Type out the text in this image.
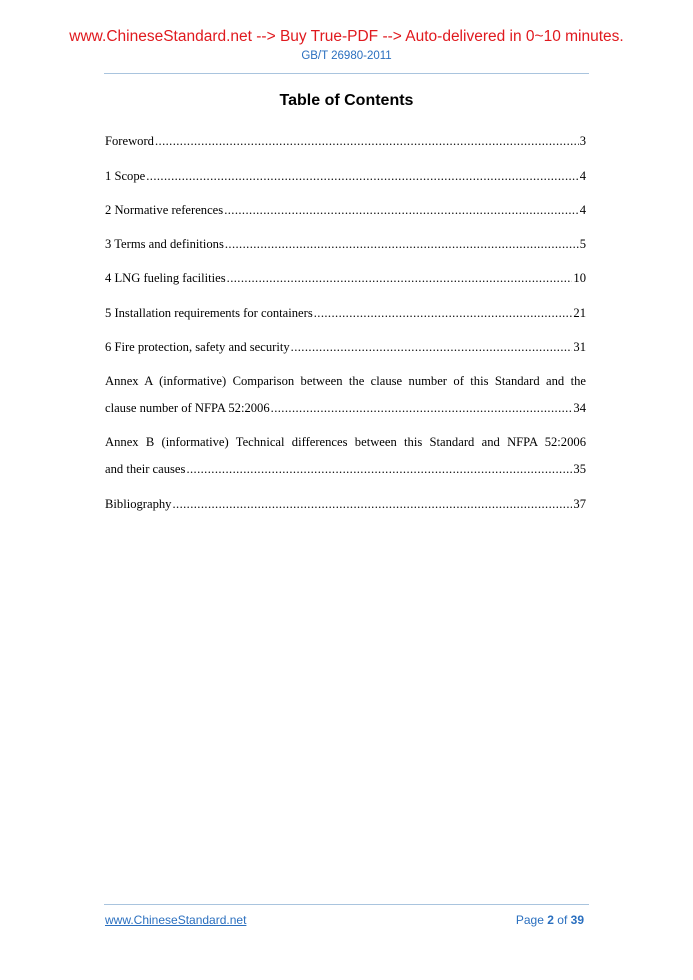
www.ChineseStandard.net --> Buy True-PDF --> Auto-delivered in 0~10 minutes.
GB/T 26980-2011
Table of Contents
Foreword .....	3
1 Scope .....	4
2 Normative references .....	4
3 Terms and definitions .....	5
4 LNG fueling facilities .....	10
5 Installation requirements for containers .....	21
6 Fire protection, safety and security .....	31
Annex A (informative) Comparison between the clause number of this Standard and the
clause number of NFPA 52:2006 .....	34
Annex B (informative) Technical differences between this Standard and NFPA 52:2006
and their causes .....	35
Bibliography .....	37
www.ChineseStandard.net	Page 2 of 39
